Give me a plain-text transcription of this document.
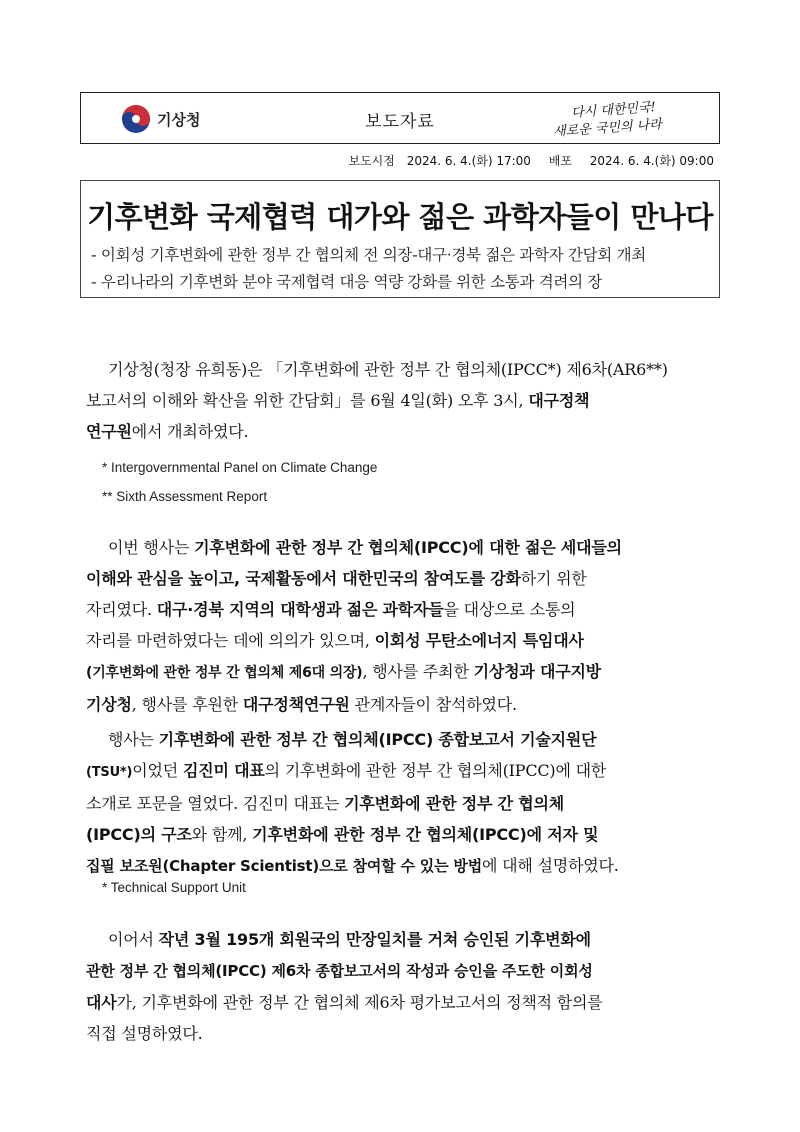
기상청	보도자료
다시 대한민국!
새로운 국민의 나라
보도시점 2024. 6. 4.(화) 17:00 배포 2024. 6. 4.(화) 09:00
기후변화 국제협력 대가와 젊은 과학자들이 만나다
- 이회성 기후변화에 관한 정부 간 협의체 전 의장-대구·경북 젊은 과학자 간담회 개최
- 우리나라의 기후변화 분야 국제협력 대응 역량 강화를 위한 소통과 격려의 장
기상청(청장 유희동)은 「기후변화에 관한 정부 간 협의체(IPCC*) 제6차(AR6**)
보고서의 이해와 확산을 위한 간담회」를 6월 4일(화) 오후 3시, 대구정책
연구원에서 개최하였다.
* Intergovernmental Panel on Climate Change
** Sixth Assessment Report
이번 행사는 기후변화에 관한 정부 간 협의체(IPCC)에 대한 젊은 세대들의
이해와 관심을 높이고, 국제활동에서 대한민국의 참여도를 강화하기 위한
자리였다. 대구·경북 지역의 대학생과 젊은 과학자들을 대상으로 소통의
자리를 마련하였다는 데에 의의가 있으며, 이회성 무탄소에너지 특임대사
(기후변화에 관한 정부 간 협의체 제6대 의장), 행사를 주최한 기상청과 대구지방
기상청, 행사를 후원한 대구정책연구원 관계자들이 참석하였다.
행사는 기후변화에 관한 정부 간 협의체(IPCC) 종합보고서 기술지원단
(TSU*)이었던 김진미 대표의 기후변화에 관한 정부 간 협의체(IPCC)에 대한
소개로 포문을 열었다. 김진미 대표는 기후변화에 관한 정부 간 협의체
(IPCC)의 구조와 함께, 기후변화에 관한 정부 간 협의체(IPCC)에 저자 및
집필 보조원(Chapter Scientist)으로 참여할 수 있는 방법에 대해 설명하였다.
* Technical Support Unit
이어서 작년 3월 195개 회원국의 만장일치를 거쳐 승인된 기후변화에
관한 정부 간 협의체(IPCC) 제6차 종합보고서의 작성과 승인을 주도한 이회성
대사가, 기후변화에 관한 정부 간 협의체 제6차 평가보고서의 정책적 함의를
직접 설명하였다.
